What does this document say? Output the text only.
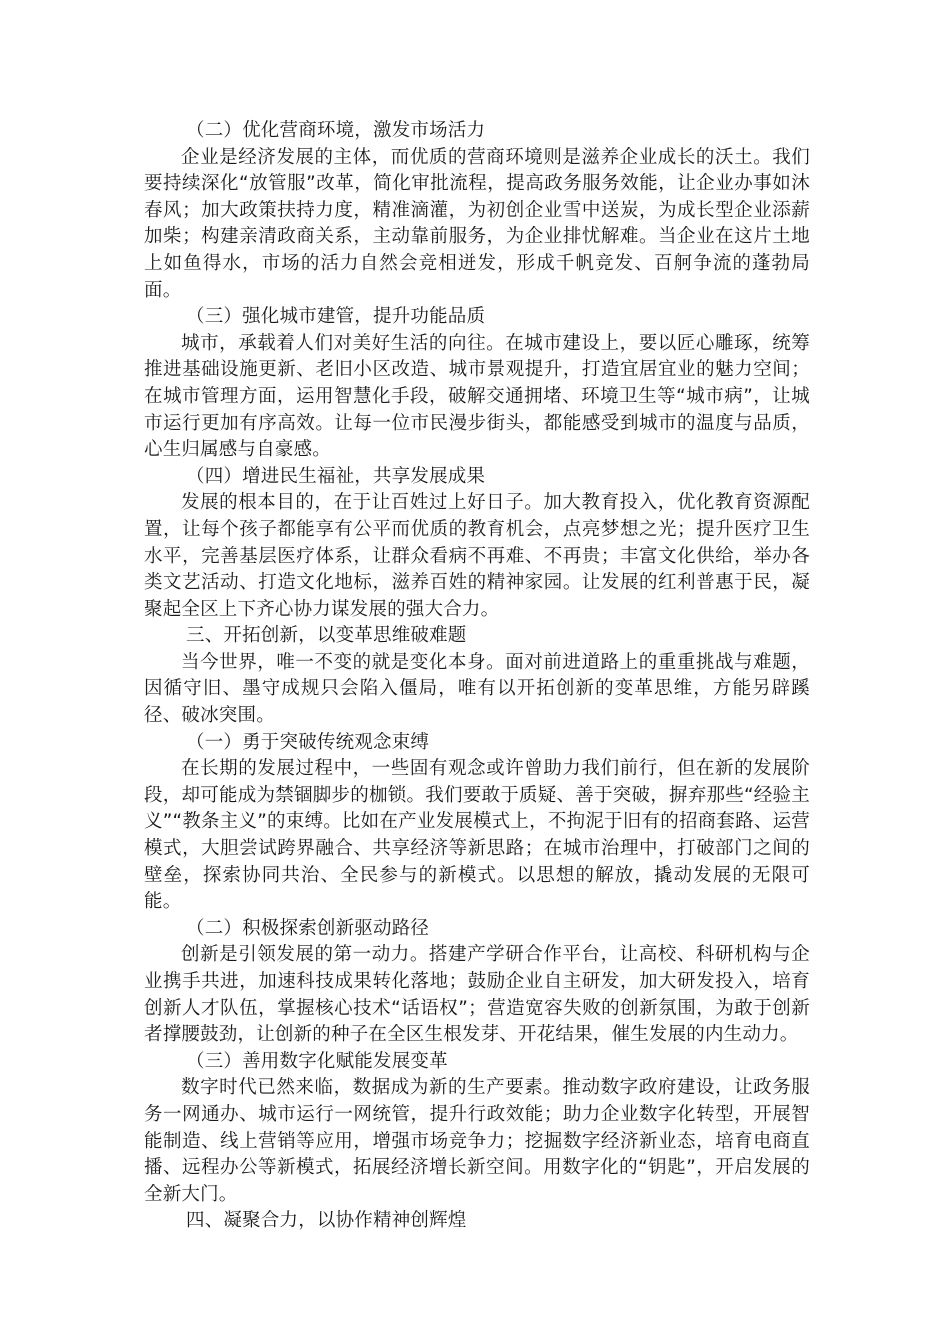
（二）优化营商环境，激发市场活力

企业是经济发展的主体，而优质的营商环境则是滋养企业成长的沃土。我们要持续深化“放管服”改革，简化审批流程，提高政务服务效能，让企业办事如沐春风；加大政策扶持力度，精准滴灌，为初创企业雪中送炭，为成长型企业添薪加柴；构建亲清政商关系，主动靠前服务，为企业排忧解难。当企业在这片土地上如鱼得水，市场的活力自然会竞相迸发，形成千帆竞发、百舸争流的蓬勃局面。

（三）强化城市建管，提升功能品质

城市，承载着人们对美好生活的向往。在城市建设上，要以匠心雕琢，统筹推进基础设施更新、老旧小区改造、城市景观提升，打造宜居宜业的魅力空间；在城市管理方面，运用智慧化手段，破解交通拥堵、环境卫生等“城市病”，让城市运行更加有序高效。让每一位市民漫步街头，都能感受到城市的温度与品质，心生归属感与自豪感。

（四）增进民生福祉，共享发展成果

发展的根本目的，在于让百姓过上好日子。加大教育投入，优化教育资源配置，让每个孩子都能享有公平而优质的教育机会，点亮梦想之光；提升医疗卫生水平，完善基层医疗体系，让群众看病不再难、不再贵；丰富文化供给，举办各类文艺活动、打造文化地标，滋养百姓的精神家园。让发展的红利普惠于民，凝聚起全区上下齐心协力谋发展的强大合力。

三、开拓创新，以变革思维破难题

当今世界，唯一不变的就是变化本身。面对前进道路上的重重挑战与难题，因循守旧、墨守成规只会陷入僵局，唯有以开拓创新的变革思维，方能另辟蹊径、破冰突围。

（一）勇于突破传统观念束缚

在长期的发展过程中，一些固有观念或许曾助力我们前行，但在新的发展阶段，却可能成为禁锢脚步的枷锁。我们要敢于质疑、善于突破，摒弃那些“经验主义”“教条主义”的束缚。比如在产业发展模式上，不拘泥于旧有的招商套路、运营模式，大胆尝试跨界融合、共享经济等新思路；在城市治理中，打破部门之间的壁垒，探索协同共治、全民参与的新模式。以思想的解放，撬动发展的无限可能。

（二）积极探索创新驱动路径

创新是引领发展的第一动力。搭建产学研合作平台，让高校、科研机构与企业携手共进，加速科技成果转化落地；鼓励企业自主研发，加大研发投入，培育创新人才队伍，掌握核心技术“话语权”；营造宽容失败的创新氛围，为敢于创新者撑腰鼓劲，让创新的种子在全区生根发芽、开花结果，催生发展的内生动力。

（三）善用数字化赋能发展变革

数字时代已然来临，数据成为新的生产要素。推动数字政府建设，让政务服务一网通办、城市运行一网统管，提升行政效能；助力企业数字化转型，开展智能制造、线上营销等应用，增强市场竞争力；挖掘数字经济新业态，培育电商直播、远程办公等新模式，拓展经济增长新空间。用数字化的“钥匙”，开启发展的全新大门。

四、凝聚合力，以协作精神创辉煌
